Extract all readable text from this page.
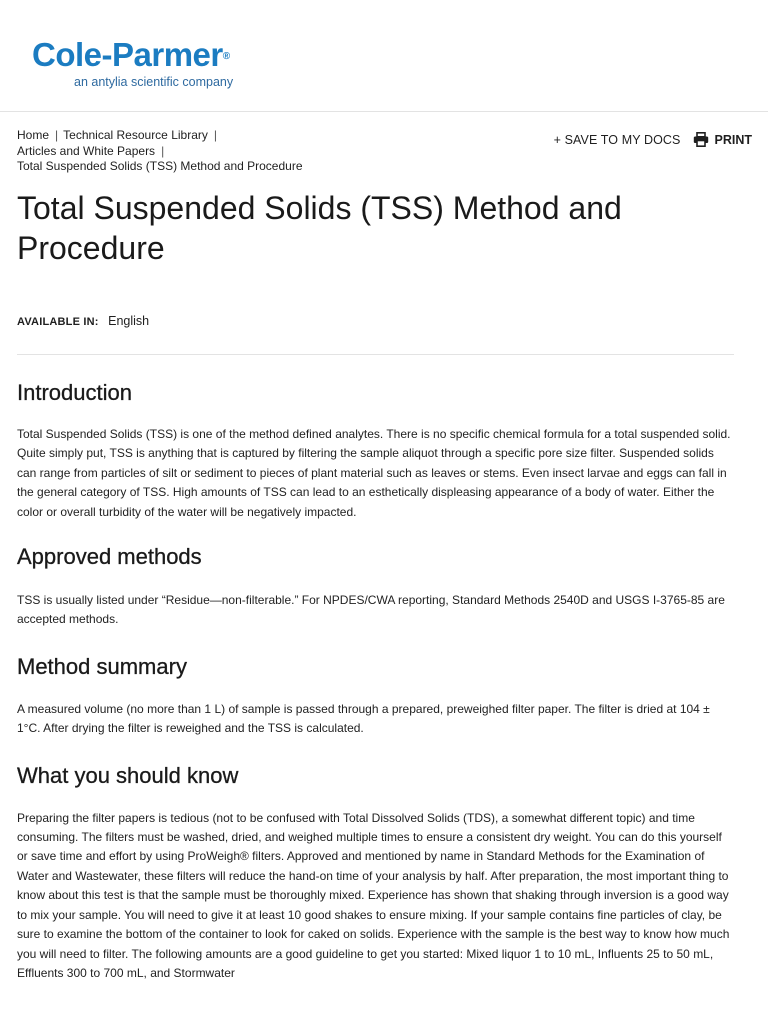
Cole-Parmer®
an antylia scientific company
Home | Technical Resource Library |
Articles and White Papers |
Total Suspended Solids (TSS) Method and Procedure
+ SAVE TO MY DOCS	PRINT
Total Suspended Solids (TSS) Method and Procedure
AVAILABLE IN: English
Introduction

Total Suspended Solids (TSS) is one of the method defined analytes. There is no specific chemical formula for a total suspended solid. Quite simply put, TSS is anything that is captured by filtering the sample aliquot through a specific pore size filter. Suspended solids can range from particles of silt or sediment to pieces of plant material such as leaves or stems. Even insect larvae and eggs can fall in the general category of TSS. High amounts of TSS can lead to an esthetically displeasing appearance of a body of water. Either the color or overall turbidity of the water will be negatively impacted.

Approved methods

TSS is usually listed under “Residue—non-filterable.” For NPDES/CWA reporting, Standard Methods 2540D and USGS I-3765-85 are accepted methods.

Method summary

A measured volume (no more than 1 L) of sample is passed through a prepared, preweighed filter paper. The filter is dried at 104 ± 1°C. After drying the filter is reweighed and the TSS is calculated.

What you should know

Preparing the filter papers is tedious (not to be confused with Total Dissolved Solids (TDS), a somewhat different topic) and time consuming. The filters must be washed, dried, and weighed multiple times to ensure a consistent dry weight. You can do this yourself or save time and effort by using ProWeigh® filters. Approved and mentioned by name in Standard Methods for the Examination of Water and Wastewater, these filters will reduce the hand-on time of your analysis by half. After preparation, the most important thing to know about this test is that the sample must be thoroughly mixed. Experience has shown that shaking through inversion is a good way to mix your sample. You will need to give it at least 10 good shakes to ensure mixing. If your sample contains fine particles of clay, be sure to examine the bottom of the container to look for caked on solids. Experience with the sample is the best way to know how much you will need to filter. The following amounts are a good guideline to get you started: Mixed liquor 1 to 10 mL, Influents 25 to 50 mL, Effluents 300 to 700 mL, and Stormwater
